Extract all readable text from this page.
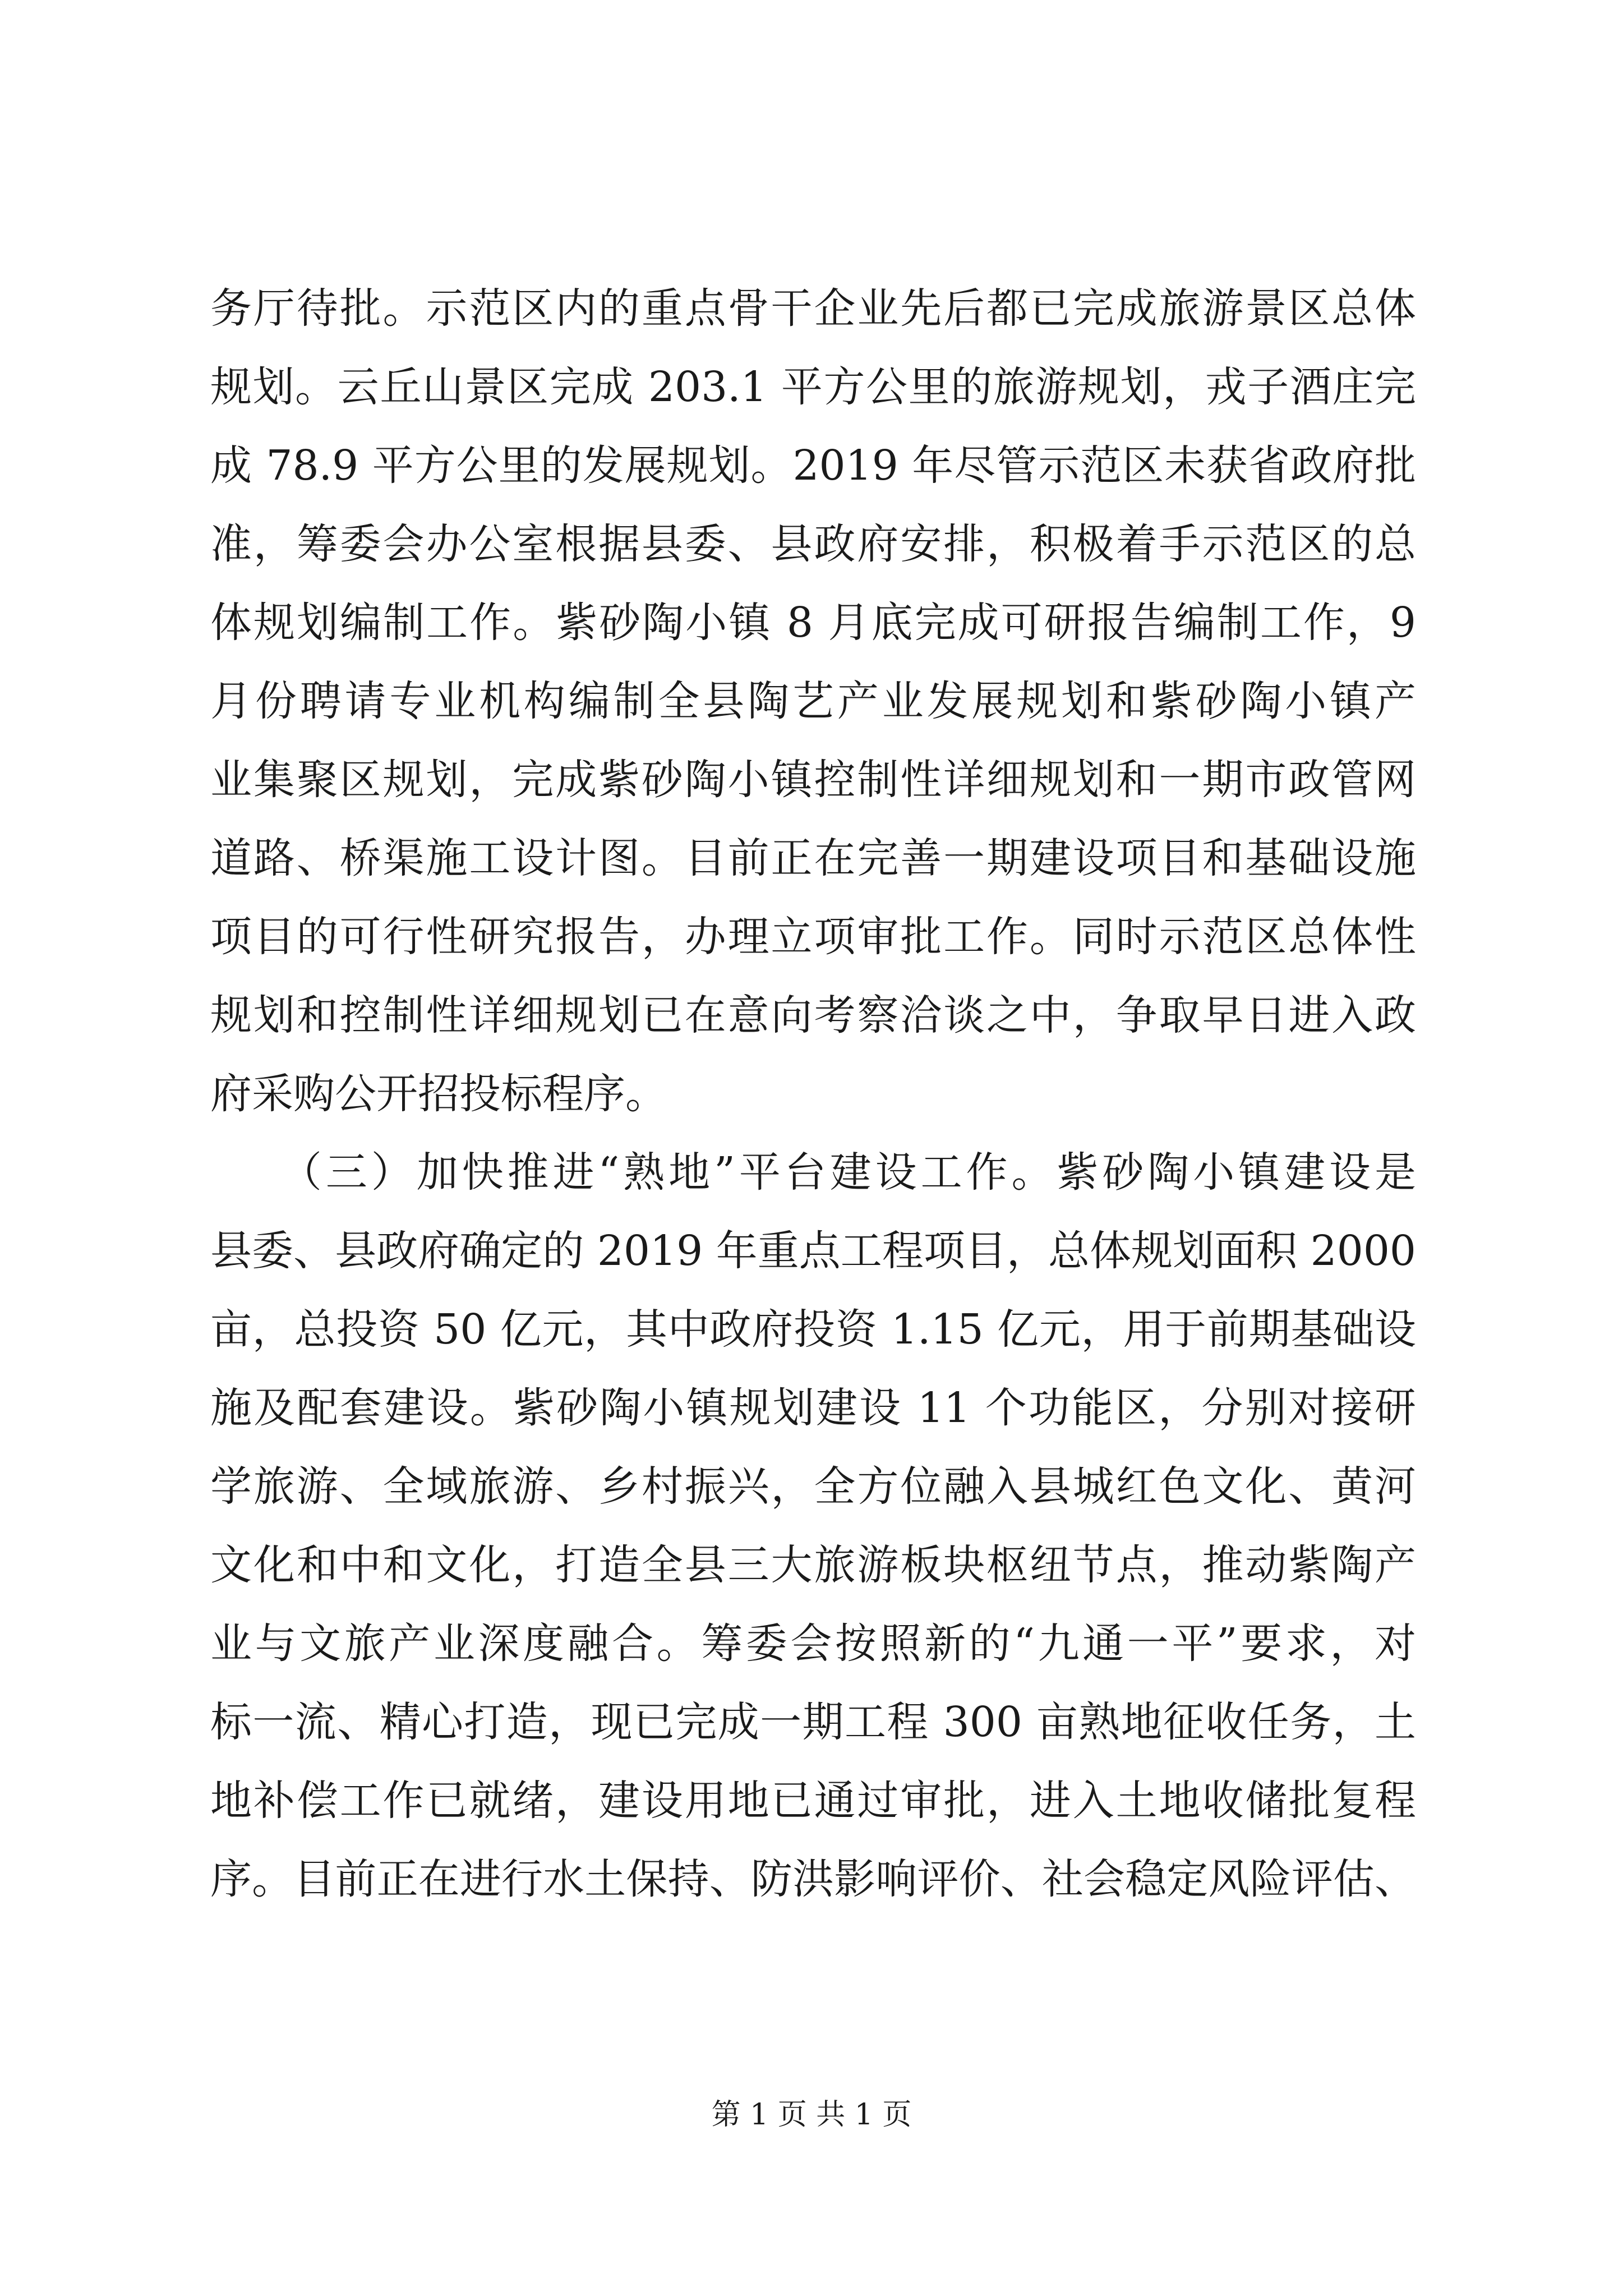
务厅待批。示范区内的重点骨干企业先后都已完成旅游景区总体
规划。云丘山景区完成 203.1 平方公里的旅游规划，戎子酒庄完
成 78.9 平方公里的发展规划。2019 年尽管示范区未获省政府批
准，筹委会办公室根据县委、县政府安排，积极着手示范区的总
体规划编制工作。紫砂陶小镇 8 月底完成可研报告编制工作，9
月份聘请专业机构编制全县陶艺产业发展规划和紫砂陶小镇产
业集聚区规划，完成紫砂陶小镇控制性详细规划和一期市政管网
道路、桥渠施工设计图。目前正在完善一期建设项目和基础设施
项目的可行性研究报告，办理立项审批工作。同时示范区总体性
规划和控制性详细规划已在意向考察洽谈之中，争取早日进入政
府采购公开招投标程序。
　　（三）加快推进“熟地”平台建设工作。紫砂陶小镇建设是
县委、县政府确定的 2019 年重点工程项目，总体规划面积 2000
亩，总投资 50 亿元，其中政府投资 1.15 亿元，用于前期基础设
施及配套建设。紫砂陶小镇规划建设 11 个功能区，分别对接研
学旅游、全域旅游、乡村振兴，全方位融入县城红色文化、黄河
文化和中和文化，打造全县三大旅游板块枢纽节点，推动紫陶产
业与文旅产业深度融合。筹委会按照新的“九通一平”要求，对
标一流、精心打造，现已完成一期工程 300 亩熟地征收任务，土
地补偿工作已就绪，建设用地已通过审批，进入土地收储批复程
序。目前正在进行水土保持、防洪影响评价、社会稳定风险评估、
第 1 页 共 1 页
